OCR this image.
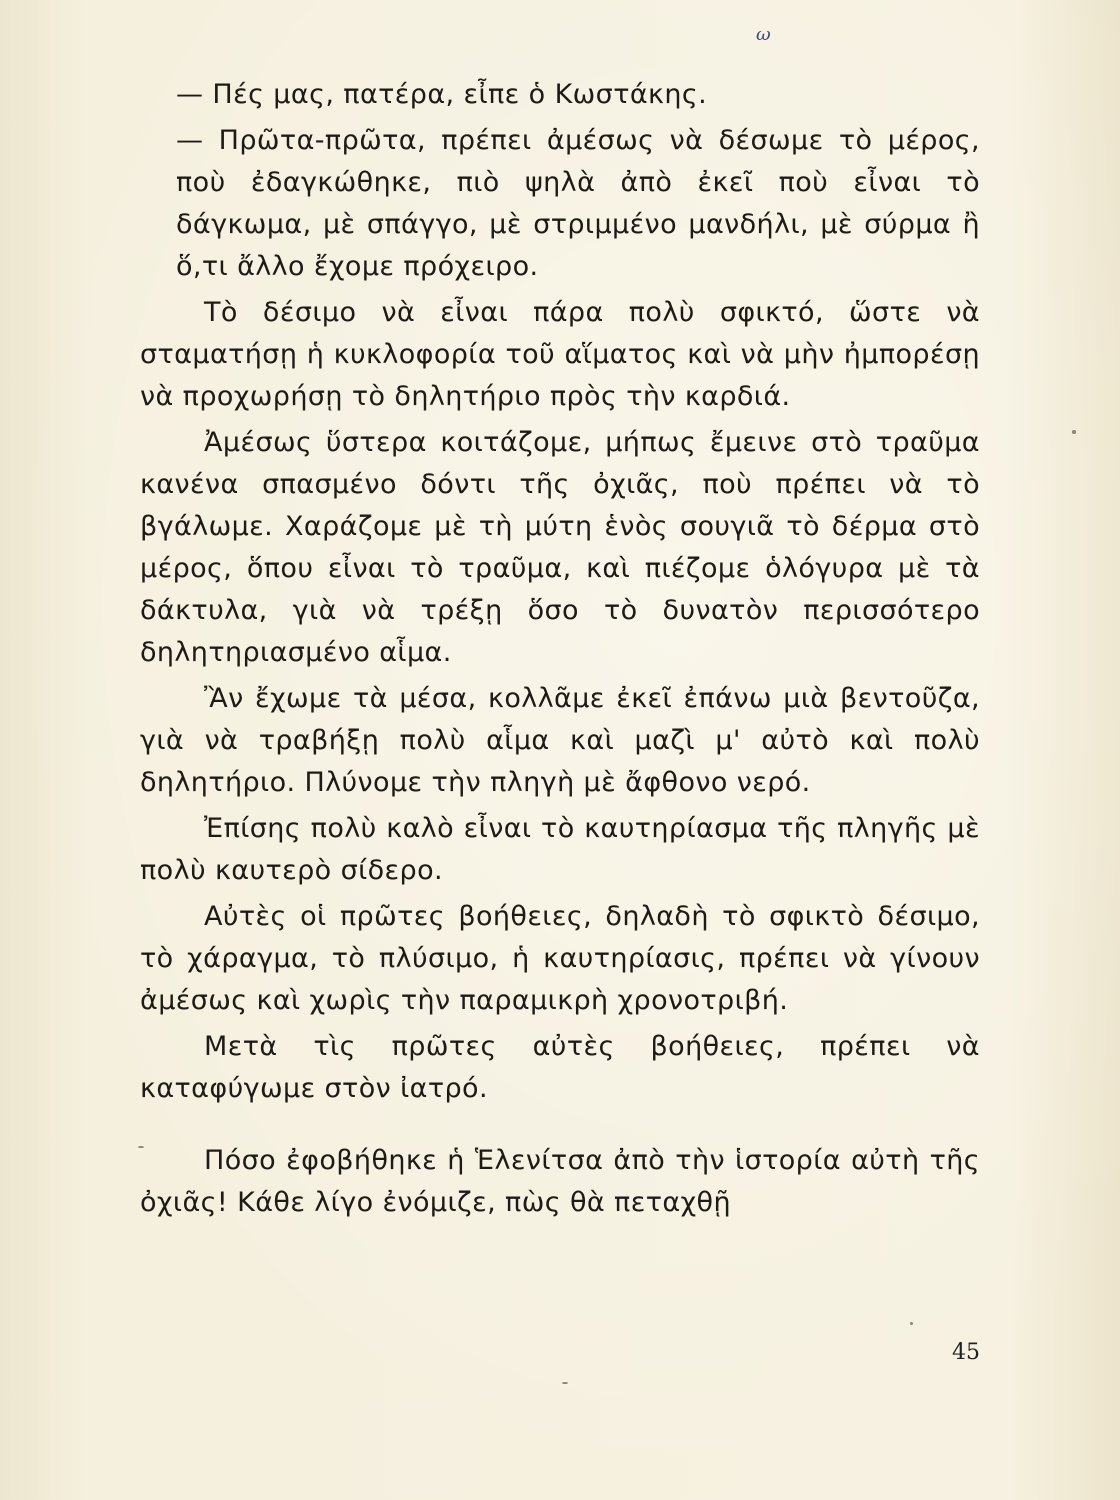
ω

— Πές μας, πατέρα, εἶπε ὁ Κωστάκης.

— Πρῶτα-πρῶτα, πρέπει ἀμέσως νὰ δέσωμε τὸ μέρος, ποὺ ἐδαγκώθηκε, πιὸ ψηλὰ ἀπὸ ἐκεῖ ποὺ εἶναι τὸ δάγκωμα, μὲ σπάγγο, μὲ στριμμένο μανδήλι, μὲ σύρμα ἢ ὅ,τι ἄλλο ἔχομε πρόχειρο.

Τὸ δέσιμο νὰ εἶναι πάρα πολὺ σφικτό, ὥστε νὰ σταματήσῃ ἡ κυκλοφορία τοῦ αἵματος καὶ νὰ μὴν ἠμπορέσῃ νὰ προχωρήσῃ τὸ δηλητήριο πρὸς τὴν καρδιά.

Ἀμέσως ὕστερα κοιτάζομε, μήπως ἔμεινε στὸ τραῦμα κανένα σπασμένο δόντι τῆς ὀχιᾶς, ποὺ πρέπει νὰ τὸ βγάλωμε. Χαράζομε μὲ τὴ μύτη ἑνὸς σουγιᾶ τὸ δέρμα στὸ μέρος, ὅπου εἶναι τὸ τραῦμα, καὶ πιέζομε ὁλόγυρα μὲ τὰ δάκτυλα, γιὰ νὰ τρέξῃ ὅσο τὸ δυνατὸν περισσότερο δηλητηριασμένο αἷμα.

Ἂν ἔχωμε τὰ μέσα, κολλᾶμε ἐκεῖ ἐπάνω μιὰ βεντοῦζα, γιὰ νὰ τραβήξῃ πολὺ αἷμα καὶ μαζὶ μ' αὐτὸ καὶ πολὺ δηλητήριο. Πλύνομε τὴν πληγὴ μὲ ἄφθονο νερό.

Ἐπίσης πολὺ καλὸ εἶναι τὸ καυτηρίασμα τῆς πληγῆς μὲ πολὺ καυτερὸ σίδερο.

Αὐτὲς οἱ πρῶτες βοήθειες, δηλαδὴ τὸ σφικτὸ δέσιμο, τὸ χάραγμα, τὸ πλύσιμο, ἡ καυτηρίασις, πρέπει νὰ γίνουν ἀμέσως καὶ χωρὶς τὴν παραμικρὴ χρονοτριβή.

Μετὰ τὶς πρῶτες αὐτὲς βοήθειες, πρέπει νὰ καταφύγωμε στὸν ἰατρό.

Πόσο ἐφοβήθηκε ἡ Ἑλενίτσα ἀπὸ τὴν ἱστορία αὐτὴ τῆς ὀχιᾶς! Κάθε λίγο ἐνόμιζε, πὼς θὰ πεταχθῇ

45
